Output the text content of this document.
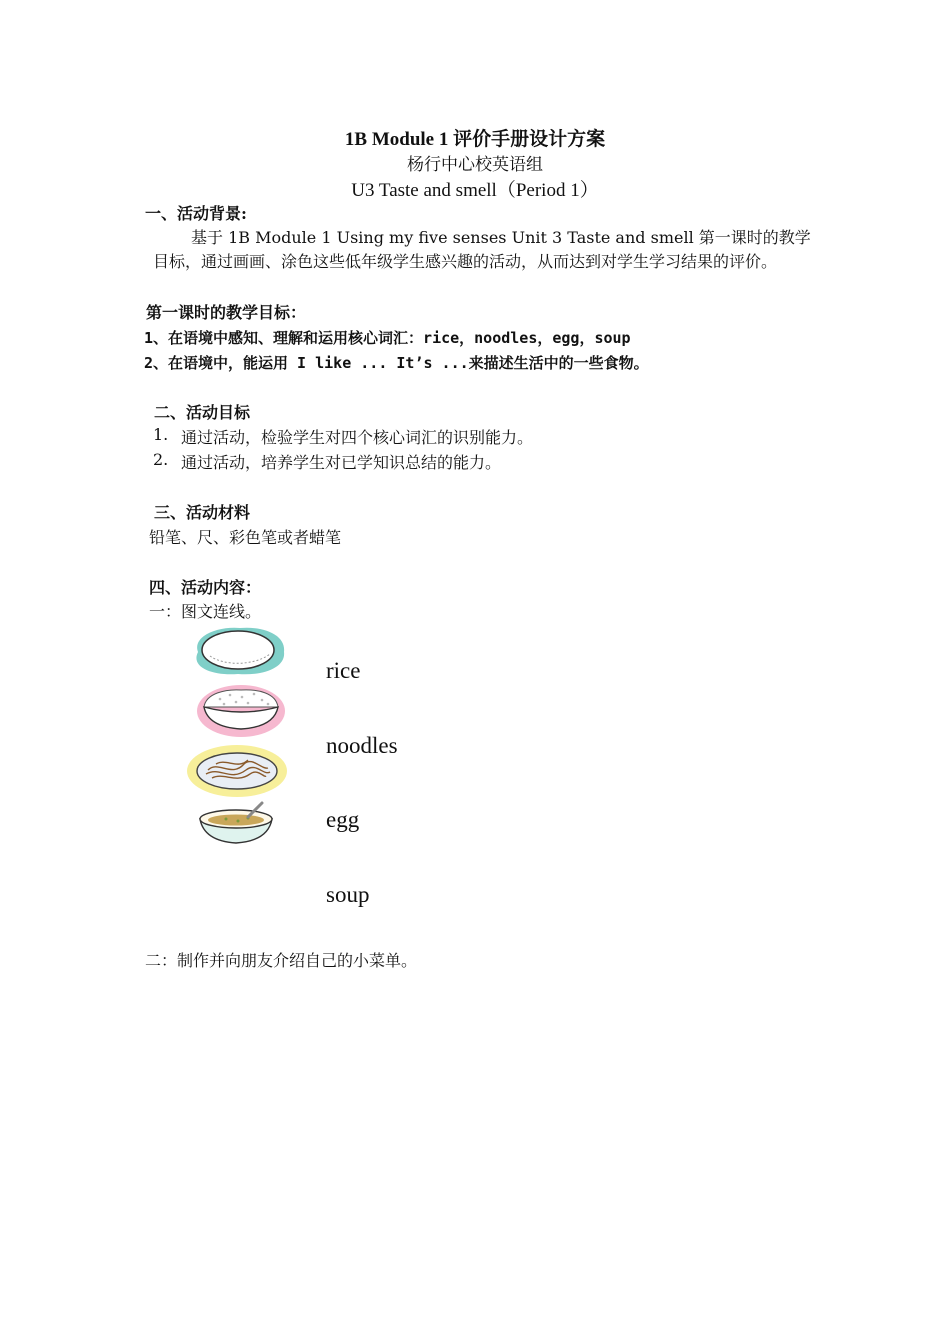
1B Module 1 评价手册设计方案
杨行中心校英语组
U3 Taste and smell（Period 1）
一、活动背景:
基于 1B Module 1 Using my five senses Unit 3 Taste and smell 第一课时的教学目标，通过画画、涂色这些低年级学生感兴趣的活动，从而达到对学生学习结果的评价。
第一课时的教学目标：
1、在语境中感知、理解和运用核心词汇：rice，noodles，egg，soup
2、在语境中，能运用 I like ... It’s ...来描述生活中的一些食物。
二、活动目标
1. 通过活动，检验学生对四个核心词汇的识别能力。
2. 通过活动，培养学生对已学知识总结的能力。
三、活动材料
铅笔、尺、彩色笔或者蜡笔
四、活动内容：
一：图文连线。
rice
noodles
egg
soup
二：制作并向朋友介绍自己的小菜单。
